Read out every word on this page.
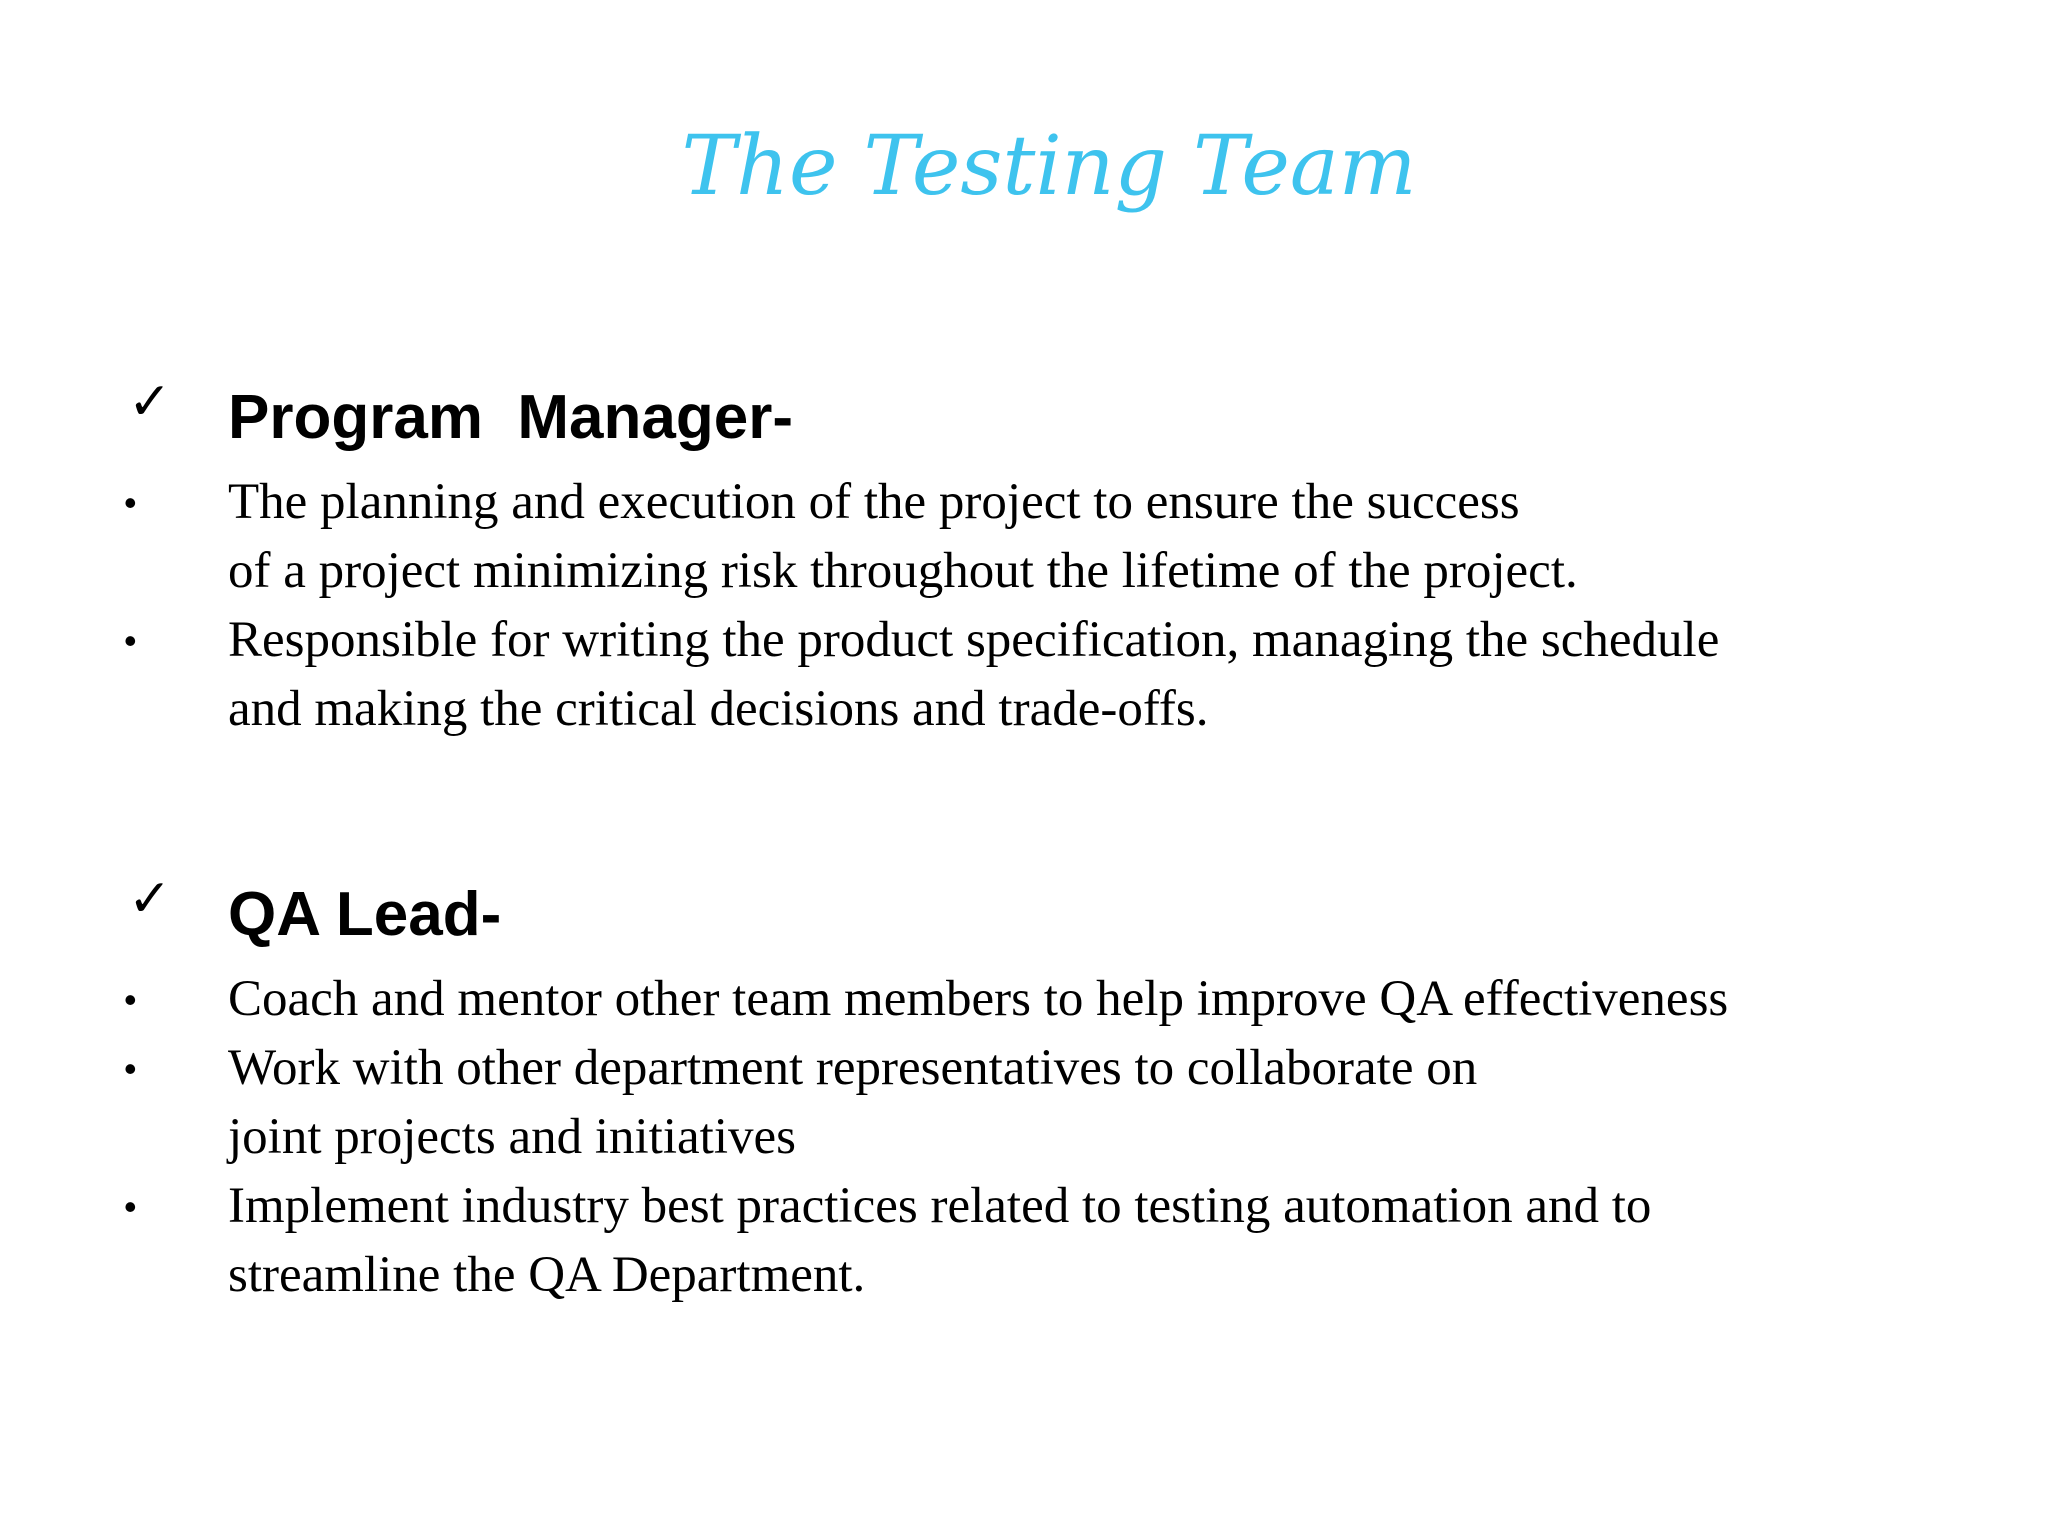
The Testing Team
✓ Program  Manager-
• The planning and execution of the project to ensure the success
of a project minimizing risk throughout the lifetime of the project.
• Responsible for writing the product specification, managing the schedule
and making the critical decisions and trade-offs.
✓ QA Lead-
• Coach and mentor other team members to help improve QA effectiveness
• Work with other department representatives to collaborate on
joint projects and initiatives
• Implement industry best practices related to testing automation and to
streamline the QA Department.
